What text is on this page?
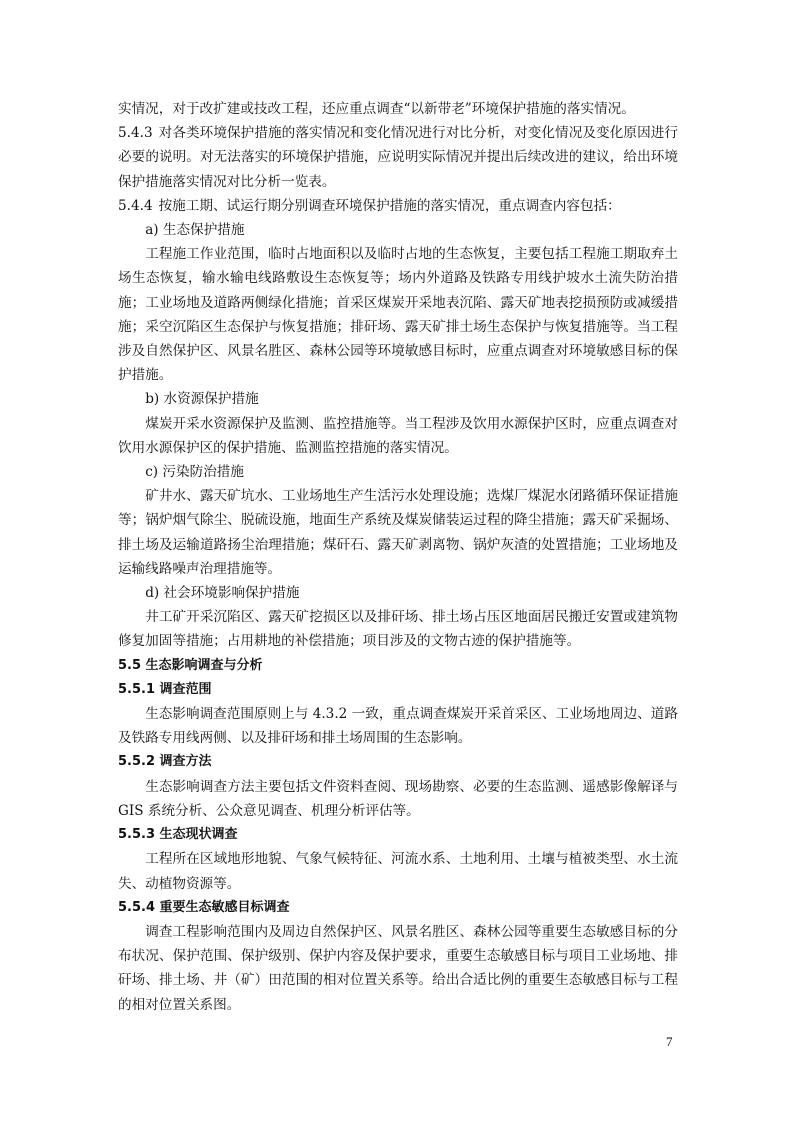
实情况，对于改扩建或技改工程，还应重点调查“以新带老”环境保护措施的落实情况。

5.4.3 对各类环境保护措施的落实情况和变化情况进行对比分析，对变化情况及变化原因进行必要的说明。对无法落实的环境保护措施，应说明实际情况并提出后续改进的建议，给出环境保护措施落实情况对比分析一览表。

5.4.4 按施工期、试运行期分别调查环境保护措施的落实情况，重点调查内容包括：

a) 生态保护措施

工程施工作业范围，临时占地面积以及临时占地的生态恢复，主要包括工程施工期取弃土场生态恢复，输水输电线路敷设生态恢复等；场内外道路及铁路专用线护坡水土流失防治措施；工业场地及道路两侧绿化措施；首采区煤炭开采地表沉陷、露天矿地表挖损预防或减缓措施；采空沉陷区生态保护与恢复措施；排矸场、露天矿排土场生态保护与恢复措施等。当工程涉及自然保护区、风景名胜区、森林公园等环境敏感目标时，应重点调查对环境敏感目标的保护措施。

b) 水资源保护措施

煤炭开采水资源保护及监测、监控措施等。当工程涉及饮用水源保护区时，应重点调查对饮用水源保护区的保护措施、监测监控措施的落实情况。

c) 污染防治措施

矿井水、露天矿坑水、工业场地生产生活污水处理设施；选煤厂煤泥水闭路循环保证措施等；锅炉烟气除尘、脱硫设施，地面生产系统及煤炭储装运过程的降尘措施；露天矿采掘场、排土场及运输道路扬尘治理措施；煤矸石、露天矿剥离物、锅炉灰渣的处置措施；工业场地及运输线路噪声治理措施等。

d) 社会环境影响保护措施

井工矿开采沉陷区、露天矿挖损区以及排矸场、排土场占压区地面居民搬迁安置或建筑物修复加固等措施；占用耕地的补偿措施；项目涉及的文物古迹的保护措施等。

5.5 生态影响调查与分析

5.5.1 调查范围

生态影响调查范围原则上与 4.3.2 一致，重点调查煤炭开采首采区、工业场地周边、道路及铁路专用线两侧、以及排矸场和排土场周围的生态影响。

5.5.2 调查方法

生态影响调查方法主要包括文件资料查阅、现场勘察、必要的生态监测、遥感影像解译与 GIS 系统分析、公众意见调查、机理分析评估等。

5.5.3 生态现状调查

工程所在区域地形地貌、气象气候特征、河流水系、土地利用、土壤与植被类型、水土流失、动植物资源等。

5.5.4 重要生态敏感目标调查

调查工程影响范围内及周边自然保护区、风景名胜区、森林公园等重要生态敏感目标的分布状况、保护范围、保护级别、保护内容及保护要求，重要生态敏感目标与项目工业场地、排矸场、排土场、井（矿）田范围的相对位置关系等。给出合适比例的重要生态敏感目标与工程的相对位置关系图。

7
